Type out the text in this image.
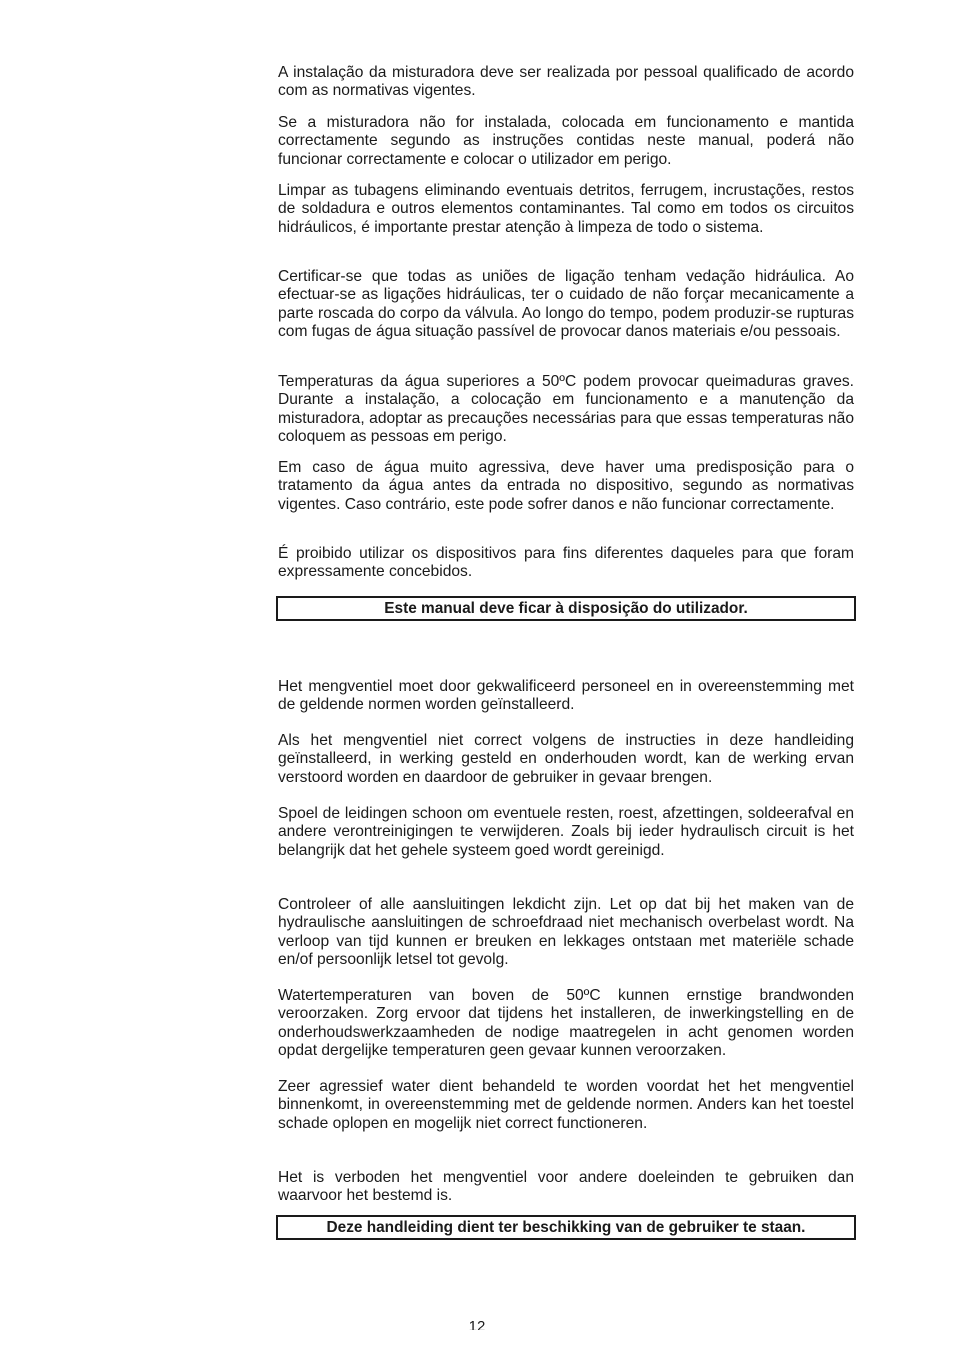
A instalação da misturadora deve ser realizada por pessoal qualificado de acordo com as normativas vigentes.

Se a misturadora não for instalada, colocada em funcionamento e mantida correctamente segundo as instruções contidas neste manual, poderá não funcionar correctamente e colocar o utilizador em perigo.

Limpar as tubagens eliminando eventuais detritos, ferrugem, incrustações, restos de soldadura e outros elementos contaminantes. Tal como em todos os circuitos hidráulicos, é importante prestar atenção à limpeza de todo o sistema.

Certificar-se que todas as uniões de ligação tenham vedação hidráulica. Ao efectuar-se as ligações hidráulicas, ter o cuidado de não forçar mecanicamente a parte roscada do corpo da válvula. Ao longo do tempo, podem produzir-se rupturas com fugas de água situação passível de provocar danos materiais e/ou pessoais.

Temperaturas da água superiores a 50ºC podem provocar queimaduras graves. Durante a instalação, a colocação em funcionamento e a manutenção da misturadora, adoptar as precauções necessárias para que essas temperaturas não coloquem as pessoas em perigo.

Em caso de água muito agressiva, deve haver uma predisposição para o tratamento da água antes da entrada no dispositivo, segundo as normativas vigentes. Caso contrário, este pode sofrer danos e não funcionar correctamente.

É proibido utilizar os dispositivos para fins diferentes daqueles para que foram expressamente concebidos.

Este manual deve ficar à disposição do utilizador.

Het mengventiel moet door gekwalificeerd personeel en in overeenstemming met de geldende normen worden geïnstalleerd.

Als het mengventiel niet correct volgens de instructies in deze handleiding geïnstalleerd, in werking gesteld en onderhouden wordt, kan de werking ervan verstoord worden en daardoor de gebruiker in gevaar brengen.

Spoel de leidingen schoon om eventuele resten, roest, afzettingen, soldeerafval en andere verontreinigingen te verwijderen. Zoals bij ieder hydraulisch circuit is het belangrijk dat het gehele systeem goed wordt gereinigd.

Controleer of alle aansluitingen lekdicht zijn. Let op dat bij het maken van de hydraulische aansluitingen de schroefdraad niet mechanisch overbelast wordt. Na verloop van tijd kunnen er breuken en lekkages ontstaan met materiële schade en/of persoonlijk letsel tot gevolg.

Watertemperaturen van boven de 50ºC kunnen ernstige brandwonden veroorzaken. Zorg ervoor dat tijdens het installeren, de inwerkingstelling en de onderhoudswerkzaamheden de nodige maatregelen in acht genomen worden opdat dergelijke temperaturen geen gevaar kunnen veroorzaken.

Zeer agressief water dient behandeld te worden voordat het het mengventiel binnenkomt, in overeenstemming met de geldende normen. Anders kan het toestel schade oplopen en mogelijk niet correct functioneren.

Het is verboden het mengventiel voor andere doeleinden te gebruiken dan waarvoor het bestemd is.

Deze handleiding dient ter beschikking van de gebruiker te staan.
12
